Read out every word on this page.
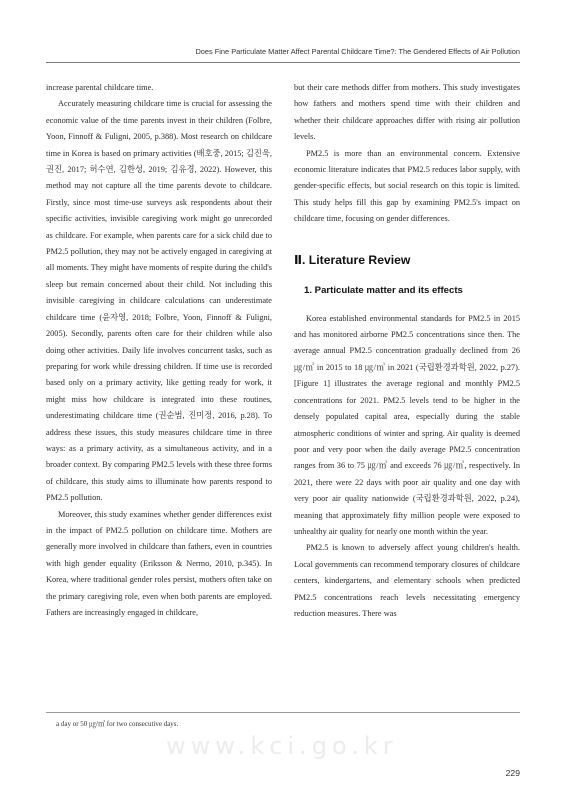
Does Fine Particulate Matter Affect Parental Childcare Time?: The Gendered Effects of Air Pollution

increase parental childcare time.

Accurately measuring childcare time is crucial for assessing the economic value of the time parents invest in their children (Folbre, Yoon, Finnoff & Fuligni, 2005, p.388). Most research on childcare time in Korea is based on primary activities (배호중, 2015; 김진욱, 권진, 2017; 허수연, 김한성, 2019; 김유경, 2022). However, this method may not capture all the time parents devote to childcare. Firstly, since most time-use surveys ask respondents about their specific activities, invisible caregiving work might go unrecorded as childcare. For example, when parents care for a sick child due to PM2.5 pollution, they may not be actively engaged in caregiving at all moments. They might have moments of respite during the child's sleep but remain concerned about their child. Not including this invisible caregiving in childcare calculations can underestimate childcare time (윤자영, 2018; Folbre, Yoon, Finnoff & Fuligni, 2005). Secondly, parents often care for their children while also doing other activities. Daily life involves concurrent tasks, such as preparing for work while dressing children. If time use is recorded based only on a primary activity, like getting ready for work, it might miss how childcare is integrated into these routines, underestimating childcare time (권순범, 진미정, 2016, p.28). To address these issues, this study measures childcare time in three ways: as a primary activity, as a simultaneous activity, and in a broader context. By comparing PM2.5 levels with these three forms of childcare, this study aims to illuminate how parents respond to PM2.5 pollution.

Moreover, this study examines whether gender differences exist in the impact of PM2.5 pollution on childcare time. Mothers are generally more involved in childcare than fathers, even in countries with high gender equality (Eriksson & Nermo, 2010, p.345). In Korea, where traditional gender roles persist, mothers often take on the primary caregiving role, even when both parents are employed. Fathers are increasingly engaged in childcare,

but their care methods differ from mothers. This study investigates how fathers and mothers spend time with their children and whether their childcare approaches differ with rising air pollution levels.

PM2.5 is more than an environmental concern. Extensive economic literature indicates that PM2.5 reduces labor supply, with gender-specific effects, but social research on this topic is limited. This study helps fill this gap by examining PM2.5's impact on childcare time, focusing on gender differences.

Ⅱ. Literature Review
1. Particulate matter and its effects

Korea established environmental standards for PM2.5 in 2015 and has monitored airborne PM2.5 concentrations since then. The average annual PM2.5 concentration gradually declined from 26 ㎍/㎥ in 2015 to 18 ㎍/㎥ in 2021 (국립환경과학원, 2022, p.27). [Figure 1] illustrates the average regional and monthly PM2.5 concentrations for 2021. PM2.5 levels tend to be higher in the densely populated capital area, especially during the stable atmospheric conditions of winter and spring. Air quality is deemed poor and very poor when the daily average PM2.5 concentration ranges from 36 to 75 ㎍/㎥ and exceeds 76 ㎍/㎥, respectively. In 2021, there were 22 days with poor air quality and one day with very poor air quality nationwide (국립환경과학원, 2022, p.24), meaning that approximately fifty million people were exposed to unhealthy air quality for nearly one month within the year.

PM2.5 is known to adversely affect young children's health. Local governments can recommend temporary closures of childcare centers, kindergartens, and elementary schools when predicted PM2.5 concentrations reach levels necessitating emergency reduction measures. There was

a day or 50 ㎍/㎥ for two consecutive days.
www.kci.go.kr
229
